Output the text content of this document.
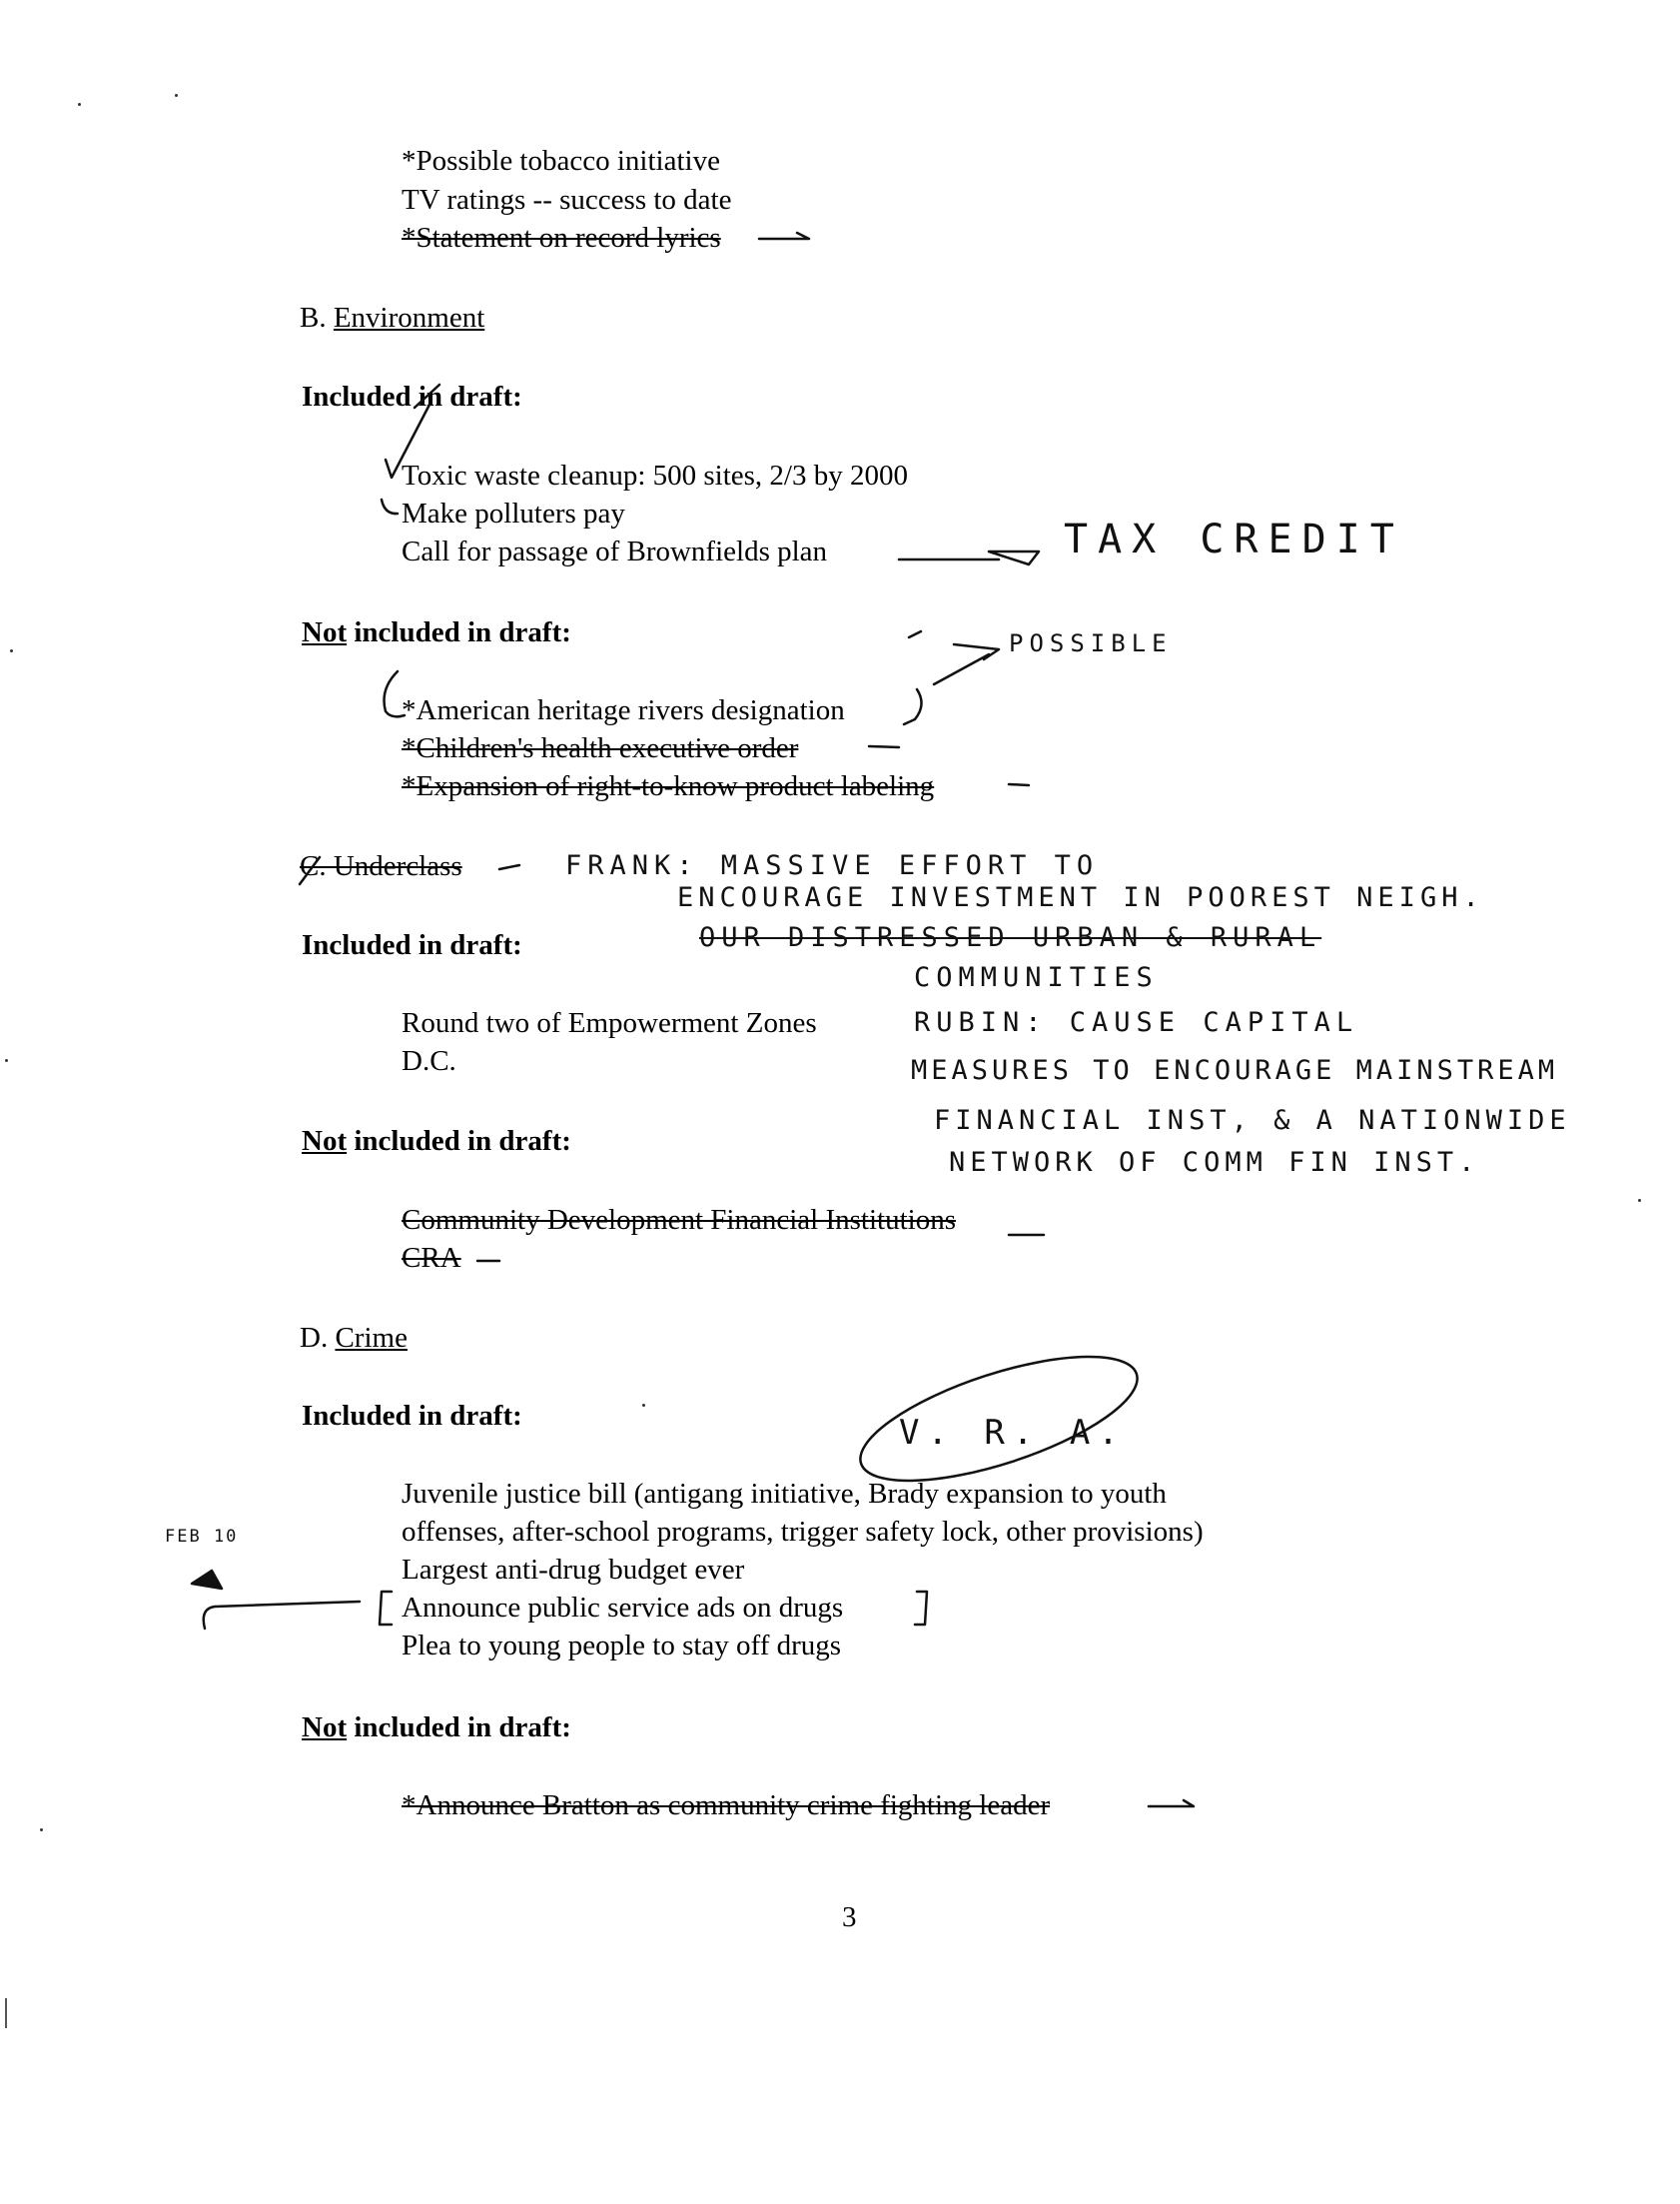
*Possible tobacco initiative
TV ratings -- success to date
*Statement on record lyrics
B. Environment
Included in draft:
Toxic waste cleanup: 500 sites, 2/3 by 2000
Make polluters pay
Call for passage of Brownfields plan
Not included in draft:
*American heritage rivers designation
*Children's health executive order
*Expansion of right-to-know product labeling
C. Underclass
Included in draft:
Round two of Empowerment Zones
D.C.
Not included in draft:
Community Development Financial Institutions
CRA
D. Crime
Included in draft:
Juvenile justice bill (antigang initiative, Brady expansion to youth
offenses, after-school programs, trigger safety lock, other provisions)
Largest anti-drug budget ever
Announce public service ads on drugs
Plea to young people to stay off drugs
Not included in draft:
*Announce Bratton as community crime fighting leader
3
TAX CREDIT
POSSIBLE
FRANK: MASSIVE EFFORT TO
ENCOURAGE INVESTMENT IN POOREST NEIGH.
OUR DISTRESSED URBAN & RURAL
COMMUNITIES
RUBIN: CAUSE CAPITAL
MEASURES TO ENCOURAGE MAINSTREAM
FINANCIAL INST, & A NATIONWIDE
NETWORK OF COMM FIN INST.
V. R. A.
FEB 10
